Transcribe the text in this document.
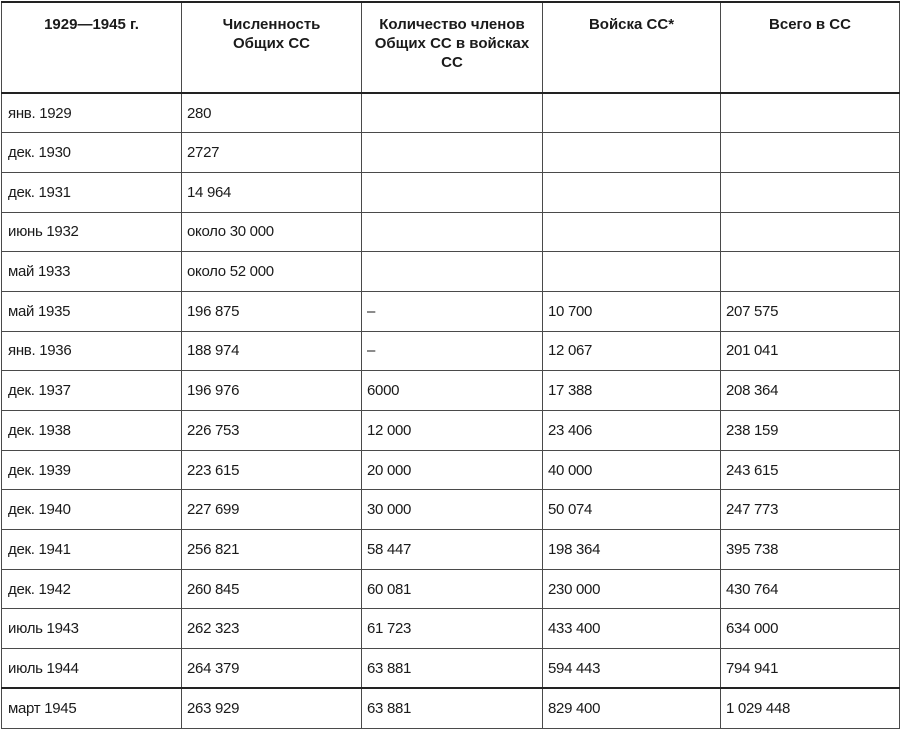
1929—1945 г.	Численность Общих СС	Количество членов Общих СС в войсках СС	Войска СС*	Всего в СС

янв. 1929	280			
дек. 1930	2727			
дек. 1931	14 964			
июнь 1932	около 30 000			
май 1933	около 52 000			
май 1935	196 875	–	10 700	207 575
янв. 1936	188 974	–	12 067	201 041
дек. 1937	196 976	6000	17 388	208 364
дек. 1938	226 753	12 000	23 406	238 159
дек. 1939	223 615	20 000	40 000	243 615
дек. 1940	227 699	30 000	50 074	247 773
дек. 1941	256 821	58 447	198 364	395 738
дек. 1942	260 845	60 081	230 000	430 764
июль 1943	262 323	61 723	433 400	634 000
июль 1944	264 379	63 881	594 443	794 941
март 1945	263 929	63 881	829 400	1 029 448
